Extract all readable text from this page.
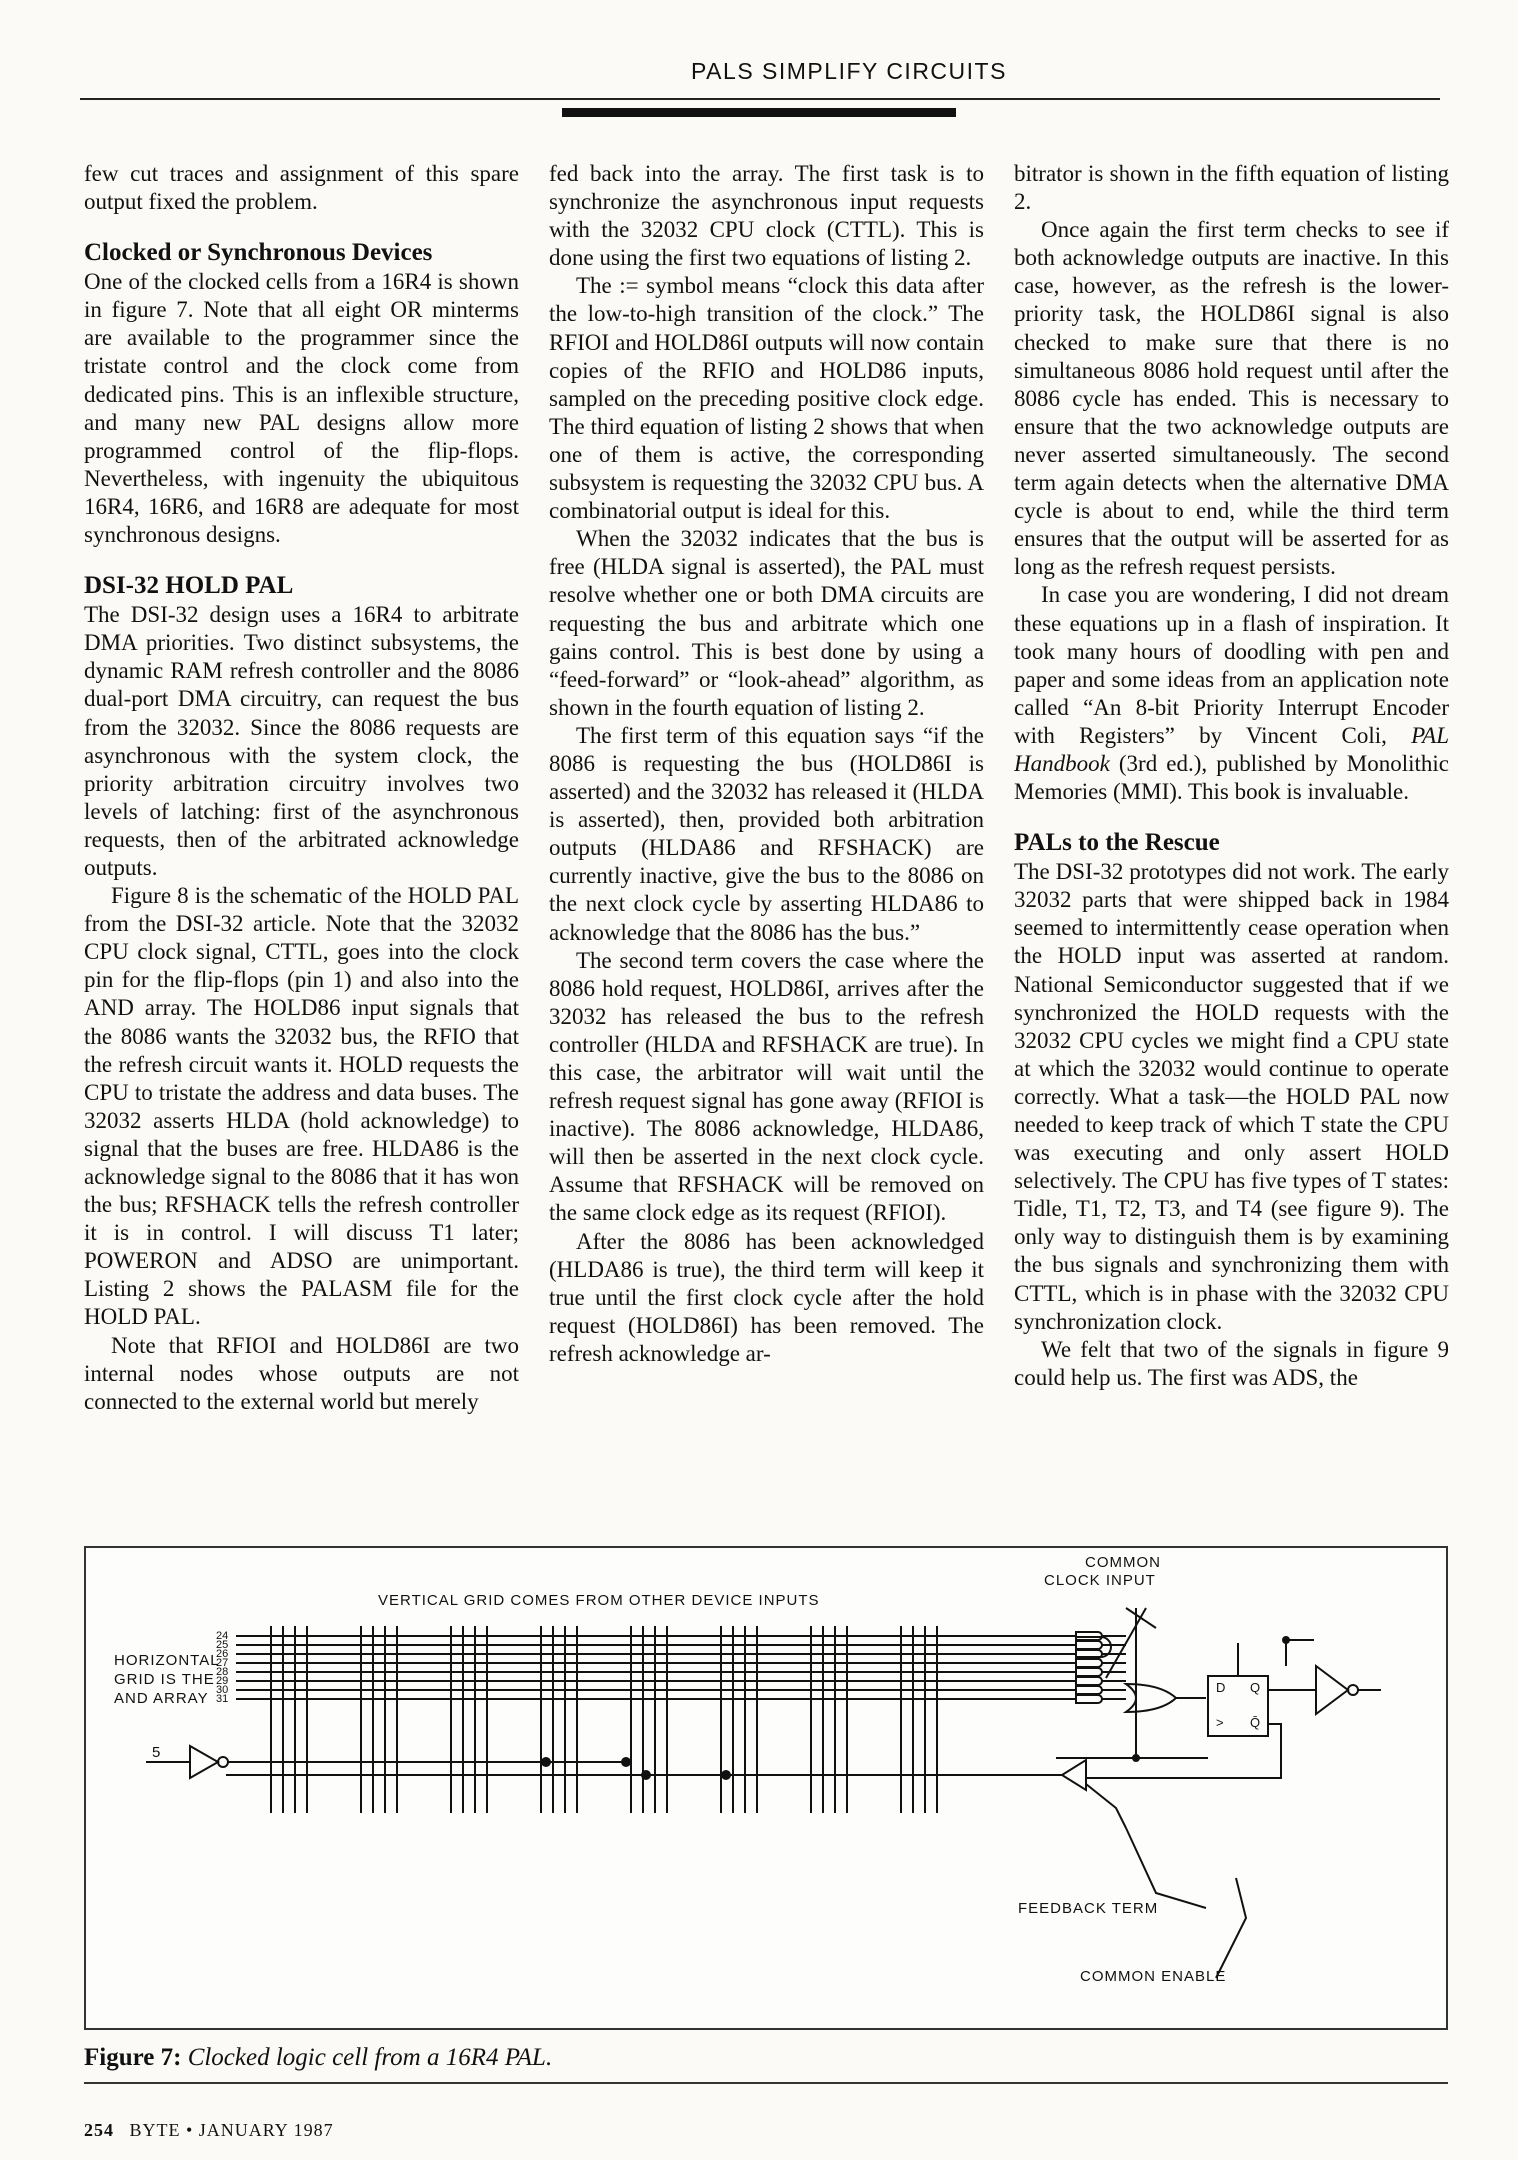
PALS SIMPLIFY CIRCUITS

few cut traces and assignment of this spare output fixed the problem.

Clocked or Synchronous Devices

One of the clocked cells from a 16R4 is shown in figure 7. Note that all eight OR minterms are available to the programmer since the tristate control and the clock come from dedicated pins. This is an inflexible structure, and many new PAL designs allow more programmed control of the flip-flops. Nevertheless, with ingenuity the ubiquitous 16R4, 16R6, and 16R8 are adequate for most synchronous designs.

DSI-32 HOLD PAL

The DSI-32 design uses a 16R4 to arbitrate DMA priorities. Two distinct subsystems, the dynamic RAM refresh controller and the 8086 dual-port DMA circuitry, can request the bus from the 32032. Since the 8086 requests are asynchronous with the system clock, the priority arbitration circuitry involves two levels of latching: first of the asynchronous requests, then of the arbitrated acknowledge outputs.

Figure 8 is the schematic of the HOLD PAL from the DSI-32 article. Note that the 32032 CPU clock signal, CTTL, goes into the clock pin for the flip-flops (pin 1) and also into the AND array. The HOLD86 input signals that the 8086 wants the 32032 bus, the RFIO that the refresh circuit wants it. HOLD requests the CPU to tristate the address and data buses. The 32032 asserts HLDA (hold acknowledge) to signal that the buses are free. HLDA86 is the acknowledge signal to the 8086 that it has won the bus; RFSHACK tells the refresh controller it is in control. I will discuss T1 later; POWERON and ADSO are unimportant. Listing 2 shows the PALASM file for the HOLD PAL.

Note that RFIOI and HOLD86I are two internal nodes whose outputs are not connected to the external world but merely

fed back into the array. The first task is to synchronize the asynchronous input requests with the 32032 CPU clock (CTTL). This is done using the first two equations of listing 2.

The := symbol means “clock this data after the low-to-high transition of the clock.” The RFIOI and HOLD86I outputs will now contain copies of the RFIO and HOLD86 inputs, sampled on the preceding positive clock edge. The third equation of listing 2 shows that when one of them is active, the corresponding subsystem is requesting the 32032 CPU bus. A combinatorial output is ideal for this.

When the 32032 indicates that the bus is free (HLDA signal is asserted), the PAL must resolve whether one or both DMA circuits are requesting the bus and arbitrate which one gains control. This is best done by using a “feed-forward” or “look-ahead” algorithm, as shown in the fourth equation of listing 2.

The first term of this equation says “if the 8086 is requesting the bus (HOLD86I is asserted) and the 32032 has released it (HLDA is asserted), then, provided both arbitration outputs (HLDA86 and RFSHACK) are currently inactive, give the bus to the 8086 on the next clock cycle by asserting HLDA86 to acknowledge that the 8086 has the bus.”

The second term covers the case where the 8086 hold request, HOLD86I, arrives after the 32032 has released the bus to the refresh controller (HLDA and RFSHACK are true). In this case, the arbitrator will wait until the refresh request signal has gone away (RFIOI is inactive). The 8086 acknowledge, HLDA86, will then be asserted in the next clock cycle. Assume that RFSHACK will be removed on the same clock edge as its request (RFIOI).

After the 8086 has been acknowledged (HLDA86 is true), the third term will keep it true until the first clock cycle after the hold request (HOLD86I) has been removed. The refresh acknowledge ar-

bitrator is shown in the fifth equation of listing 2.

Once again the first term checks to see if both acknowledge outputs are inactive. In this case, however, as the refresh is the lower-priority task, the HOLD86I signal is also checked to make sure that there is no simultaneous 8086 hold request until after the 8086 cycle has ended. This is necessary to ensure that the two acknowledge outputs are never asserted simultaneously. The second term again detects when the alternative DMA cycle is about to end, while the third term ensures that the output will be asserted for as long as the refresh request persists.

In case you are wondering, I did not dream these equations up in a flash of inspiration. It took many hours of doodling with pen and paper and some ideas from an application note called “An 8-bit Priority Interrupt Encoder with Registers” by Vincent Coli, PAL Handbook (3rd ed.), published by Monolithic Memories (MMI). This book is invaluable.

PALs to the Rescue

The DSI-32 prototypes did not work. The early 32032 parts that were shipped back in 1984 seemed to intermittently cease operation when the HOLD input was asserted at random. National Semiconductor suggested that if we synchronized the HOLD requests with the 32032 CPU cycles we might find a CPU state at which the 32032 would continue to operate correctly. What a task—the HOLD PAL now needed to keep track of which T state the CPU was executing and only assert HOLD selectively. The CPU has five types of T states: Tidle, T1, T2, T3, and T4 (see figure 9). The only way to distinguish them is by examining the bus signals and synchronizing them with CTTL, which is in phase with the 32032 CPU synchronization clock.

We felt that two of the signals in figure 9 could help us. The first was ADS, the

VERTICAL GRID COMES FROM OTHER DEVICE INPUTS
COMMON
CLOCK INPUT
HORIZONTAL
GRID IS THE
AND ARRAY
5
24
25
26
27
28
29
30
31
D Q
> Q̄
FEEDBACK TERM
COMMON ENABLE
Figure 7: Clocked logic cell from a 16R4 PAL.
254 BYTE • JANUARY 1987
